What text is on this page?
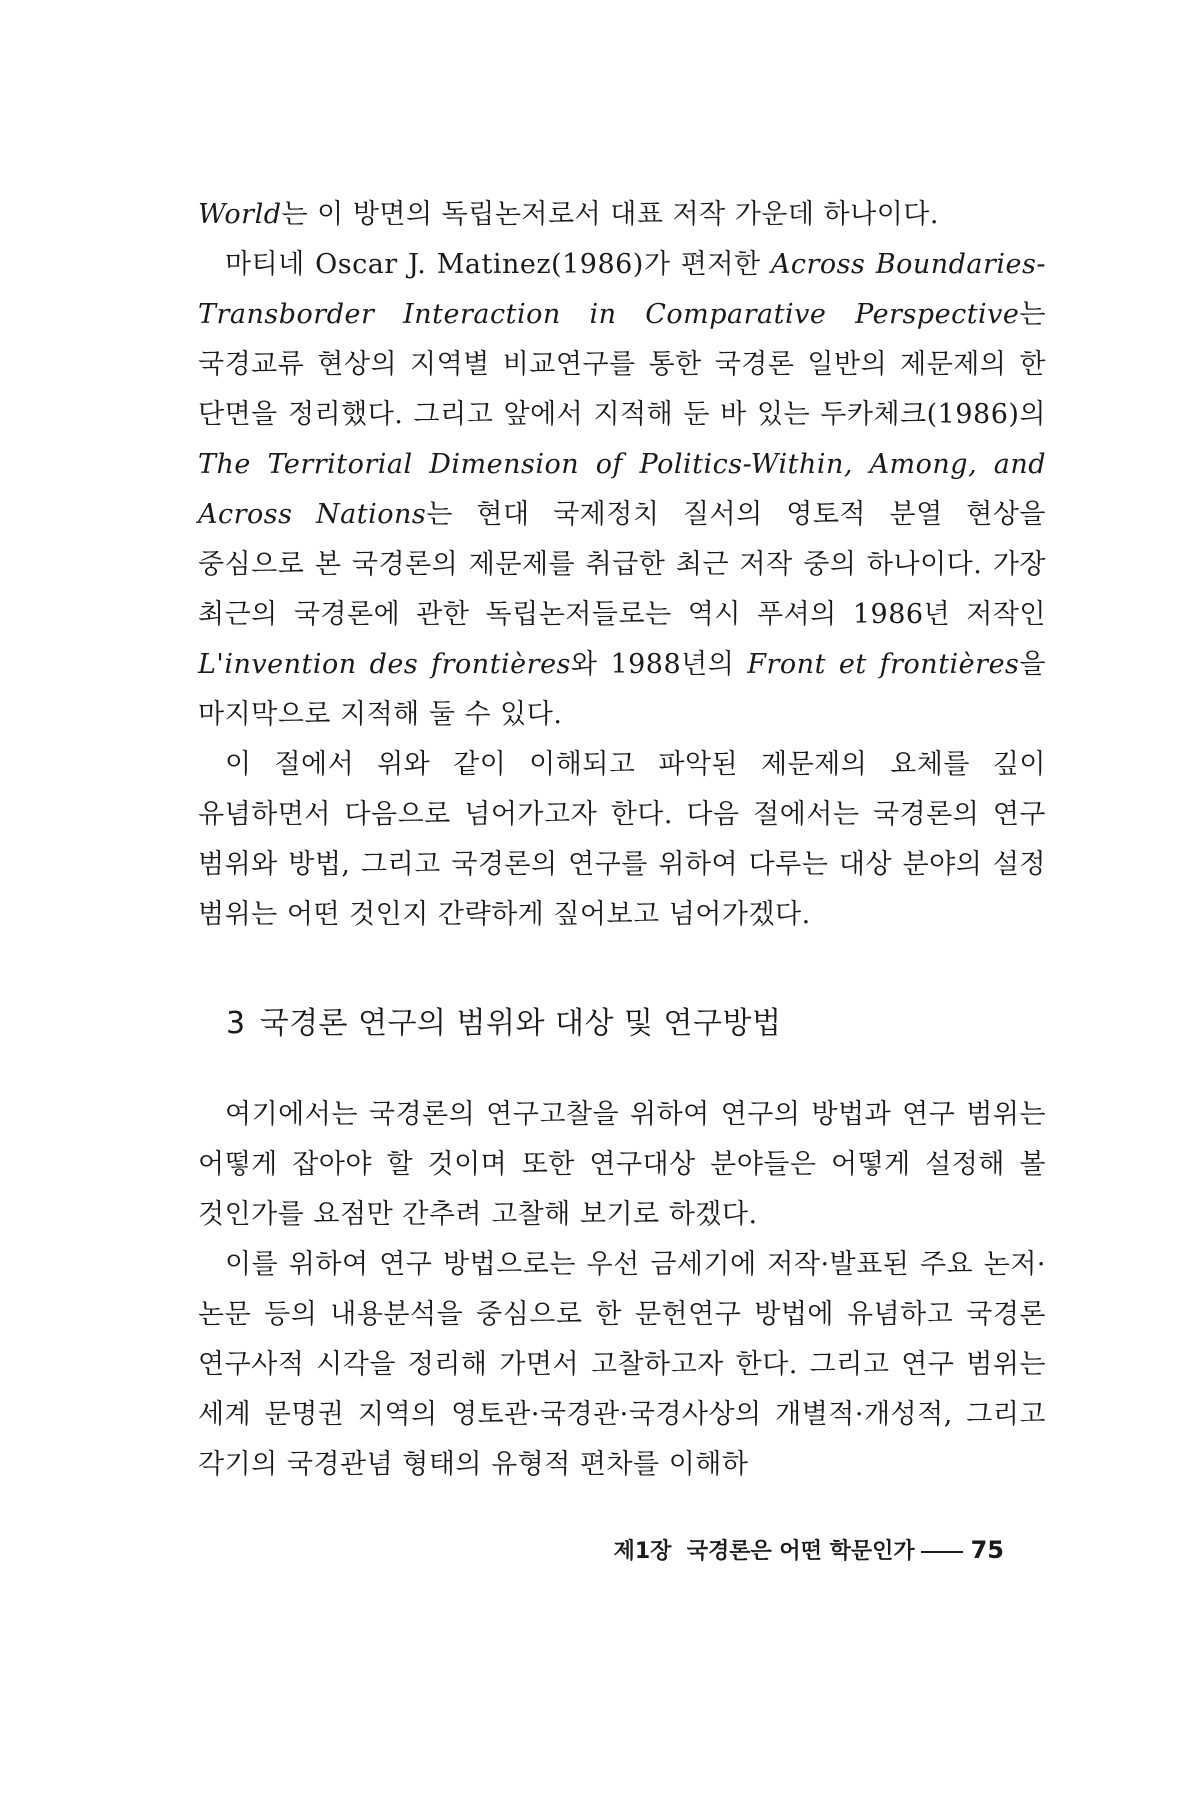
World는 이 방면의 독립논저로서 대표 저작 가운데 하나이다.

마티네 Oscar J. Matinez(1986)가 편저한 Across Boundaries-Transborder Interaction in Comparative Perspective는 국경교류 현상의 지역별 비교연구를 통한 국경론 일반의 제문제의 한 단면을 정리했다. 그리고 앞에서 지적해 둔 바 있는 두카체크(1986)의 The Territorial Dimension of Politics-Within, Among, and Across Nations는 현대 국제정치 질서의 영토적 분열 현상을 중심으로 본 국경론의 제문제를 취급한 최근 저작 중의 하나이다. 가장 최근의 국경론에 관한 독립논저들로는 역시 푸셔의 1986년 저작인 L'invention des frontières와 1988년의 Front et frontières을 마지막으로 지적해 둘 수 있다.

이 절에서 위와 같이 이해되고 파악된 제문제의 요체를 깊이 유념하면서 다음으로 넘어가고자 한다. 다음 절에서는 국경론의 연구 범위와 방법, 그리고 국경론의 연구를 위하여 다루는 대상 분야의 설정 범위는 어떤 것인지 간략하게 짚어보고 넘어가겠다.

3 국경론 연구의 범위와 대상 및 연구방법

여기에서는 국경론의 연구고찰을 위하여 연구의 방법과 연구 범위는 어떻게 잡아야 할 것이며 또한 연구대상 분야들은 어떻게 설정해 볼 것인가를 요점만 간추려 고찰해 보기로 하겠다.

이를 위하여 연구 방법으로는 우선 금세기에 저작·발표된 주요 논저·논문 등의 내용분석을 중심으로 한 문헌연구 방법에 유념하고 국경론 연구사적 시각을 정리해 가면서 고찰하고자 한다. 그리고 연구 범위는 세계 문명권 지역의 영토관·국경관·국경사상의 개별적·개성적, 그리고 각기의 국경관념 형태의 유형적 편차를 이해하

제1장 국경론은 어떤 학문인가 75
